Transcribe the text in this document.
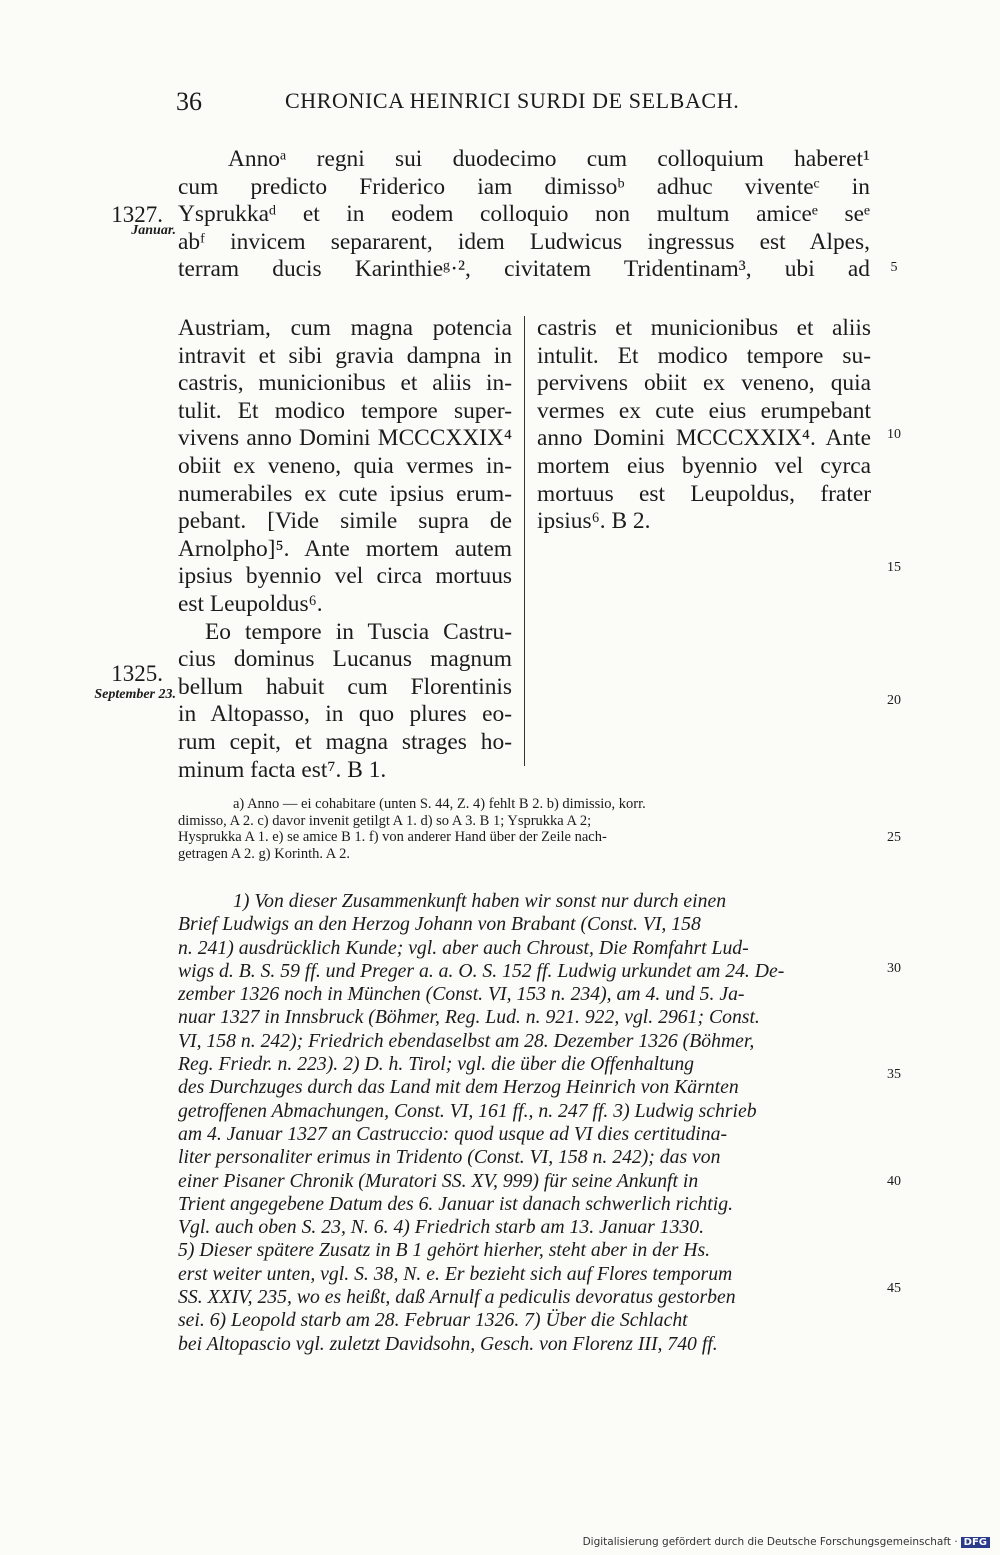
36	CHRONICA HEINRICI SURDI DE SELBACH.
1327.
Januar.
1325.
September 23.
5
10
15
20
25
30
35
40
45
Annoᵃ regni sui duodecimo cum colloquium haberet¹
cum predicto Friderico iam dimissoᵇ adhuc viventeᶜ in
Ysprukkaᵈ et in eodem colloquio non multum amiceᵉ seᵉ
abᶠ invicem separarent, idem Ludwicus ingressus est Alpes,
terram ducis Karinthieᵍ·², civitatem Tridentinam³, ubi ad
Austriam, cum magna potencia
intravit et sibi gravia dampna in
castris, municionibus et aliis in-
tulit. Et modico tempore super-
vivens anno Domini MCCCXXIX⁴
obiit ex veneno, quia vermes in-
numerabiles ex cute ipsius erum-
pebant. [Vide simile supra de
Arnolpho]⁵. Ante mortem autem
ipsius byennio vel circa mortuus
est Leupoldus⁶.
Eo tempore in Tuscia Castru-
cius dominus Lucanus magnum
bellum habuit cum Florentinis
in Altopasso, in quo plures eo-
rum cepit, et magna strages ho-
minum facta est⁷. B 1.
castris et municionibus et aliis
intulit. Et modico tempore su-
pervivens obiit ex veneno, quia
vermes ex cute eius erumpebant
anno Domini MCCCXXIX⁴. Ante
mortem eius byennio vel cyrca
mortuus est Leupoldus, frater
ipsius⁶. B 2.
a) Anno — ei cohabitare (unten S. 44, Z. 4) fehlt B 2. b) dimissio, korr.
dimisso, A 2. c) davor invenit getilgt A 1. d) so A 3. B 1; Ysprukka A 2;
Hysprukka A 1. e) se amice B 1. f) von anderer Hand über der Zeile nach-
getragen A 2. g) Korinth. A 2.
1) Von dieser Zusammenkunft haben wir sonst nur durch einen
Brief Ludwigs an den Herzog Johann von Brabant (Const. VI, 158
n. 241) ausdrücklich Kunde; vgl. aber auch Chroust, Die Romfahrt Lud-
wigs d. B. S. 59 ff. und Preger a. a. O. S. 152 ff. Ludwig urkundet am 24. De-
zember 1326 noch in München (Const. VI, 153 n. 234), am 4. und 5. Ja-
nuar 1327 in Innsbruck (Böhmer, Reg. Lud. n. 921. 922, vgl. 2961; Const.
VI, 158 n. 242); Friedrich ebendaselbst am 28. Dezember 1326 (Böhmer,
Reg. Friedr. n. 223). 2) D. h. Tirol; vgl. die über die Offenhaltung
des Durchzuges durch das Land mit dem Herzog Heinrich von Kärnten
getroffenen Abmachungen, Const. VI, 161 ff., n. 247 ff. 3) Ludwig schrieb
am 4. Januar 1327 an Castruccio: quod usque ad VI dies certitudina-
liter personaliter erimus in Tridento (Const. VI, 158 n. 242); das von
einer Pisaner Chronik (Muratori SS. XV, 999) für seine Ankunft in
Trient angegebene Datum des 6. Januar ist danach schwerlich richtig.
Vgl. auch oben S. 23, N. 6. 4) Friedrich starb am 13. Januar 1330.
5) Dieser spätere Zusatz in B 1 gehört hierher, steht aber in der Hs.
erst weiter unten, vgl. S. 38, N. e. Er bezieht sich auf Flores temporum
SS. XXIV, 235, wo es heißt, daß Arnulf a pediculis devoratus gestorben
sei. 6) Leopold starb am 28. Februar 1326. 7) Über die Schlacht
bei Altopascio vgl. zuletzt Davidsohn, Gesch. von Florenz III, 740 ff.
Digitalisierung gefördert durch die Deutsche Forschungsgemeinschaft · DFG
